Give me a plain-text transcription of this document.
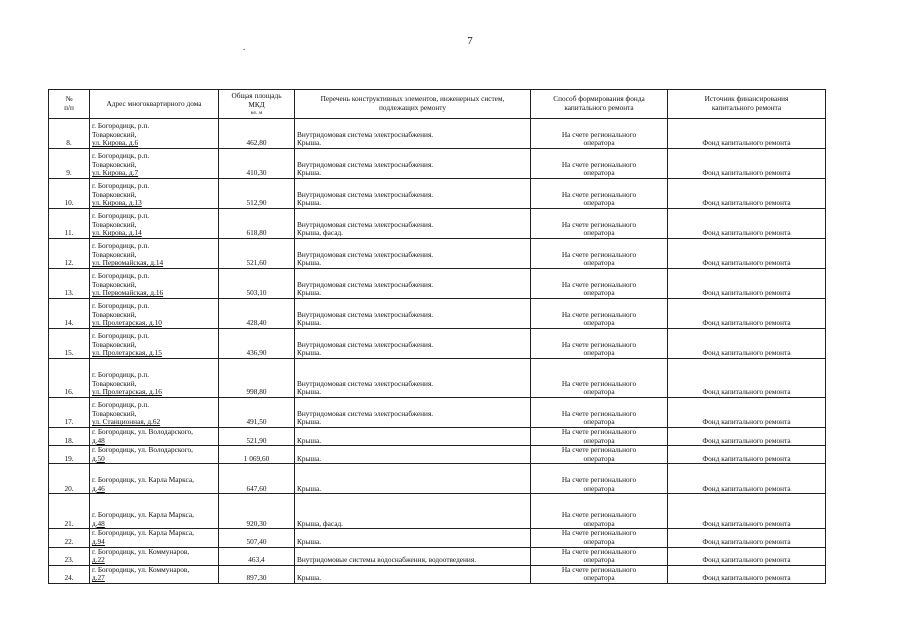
7
.
№
п/п	Адрес многоквартирного дома	Общая площадь
МКД
кв. м	Перечень конструктивных элементов, инженерных систем,
подлежащих ремонту	Способ формирования фонда
капитального ремонта	Источник финансирования
капитального ремонта

8.	г. Богородицк, р.п.
Товарковский,
ул. Кирова, д.6	462,80	Внутридомовая система электроснабжения.
Крыша.	На счете регионального
оператора	Фонд капитального ремонта
9.	г. Богородицк, р.п.
Товарковский,
ул. Кирова, д.7	410,30	Внутридомовая система электроснабжения.
Крыша.	На счете регионального
оператора	Фонд капитального ремонта
10.	г. Богородицк, р.п.
Товарковский,
ул. Кирова, д.13	512,90	Внутридомовая система электроснабжения.
Крыша.	На счете регионального
оператора	Фонд капитального ремонта
11.	г. Богородицк, р.п.
Товарковский,
ул. Кирова, д.14	618,80	Внутридомовая система электроснабжения.
Крыша, фасад.	На счете регионального
оператора	Фонд капитального ремонта
12.	г. Богородицк, р.п.
Товарковский,
ул. Первомайская, д.14	521,60	Внутридомовая система электроснабжения.
Крыша.	На счете регионального
оператора	Фонд капитального ремонта
13.	г. Богородицк, р.п.
Товарковский,
ул. Первомайская, д.16	503,10	Внутридомовая система электроснабжения.
Крыша.	На счете регионального
оператора	Фонд капитального ремонта
14.	г. Богородицк, р.п.
Товарковский,
ул. Пролетарская, д.10	428,40	Внутридомовая система электроснабжения.
Крыша.	На счете регионального
оператора	Фонд капитального ремонта
15.	г. Богородицк, р.п.
Товарковский,
ул. Пролетарская, д.15	436,90	Внутридомовая система электроснабжения.
Крыша.	На счете регионального
оператора	Фонд капитального ремонта
16.	г. Богородицк, р.п.
Товарковский,
ул. Пролетарская, д.16	998,80	Внутридомовая система электроснабжения.
Крыша.	На счете регионального
оператора	Фонд капитального ремонта
17.	г. Богородицк, р.п.
Товарковский,
ул. Станционная, д.62	491,50	Внутридомовая система электроснабжения.
Крыша.	На счете регионального
оператора	Фонд капитального ремонта
18.	г. Богородицк, ул. Володарского,
д.48	521,90	Крыша.	На счете регионального
оператора	Фонд капитального ремонта
19.	г. Богородицк, ул. Володарского,
д.50	1 069,60	Крыша.	На счете регионального
оператора	Фонд капитального ремонта
20.	г. Богородицк, ул. Карла Маркса,
д.46	647,60	Крыша.	На счете регионального
оператора	Фонд капитального ремонта
21.	г. Богородицк, ул. Карла Маркса,
д.48	920,30	Крыша, фасад.	На счете регионального
оператора	Фонд капитального ремонта
22.	г. Богородицк, ул. Карла Маркса,
д.94	507,40	Крыша.	На счете регионального
оператора	Фонд капитального ремонта
23.	г. Богородицк, ул. Коммунаров,
д.22	463,4	Внутридомовые системы водоснабжения, водоотведения.	На счете регионального
оператора	Фонд капитального ремонта
24.	г. Богородицк, ул. Коммунаров,
д.27	897,30	Крыша.	На счете регионального
оператора	Фонд капитального ремонта
